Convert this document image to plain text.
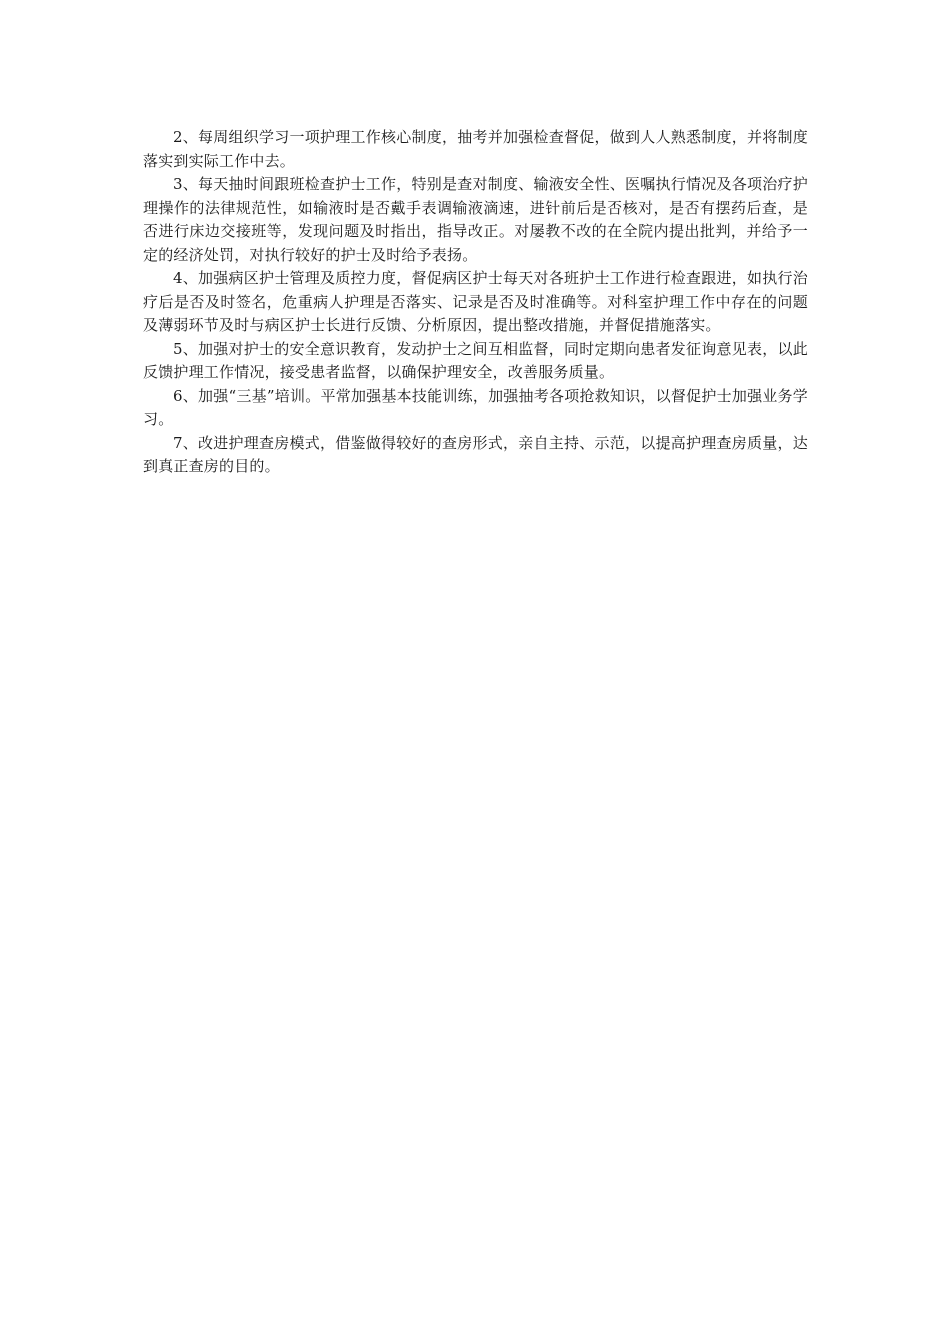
2、每周组织学习一项护理工作核心制度，抽考并加强检查督促，做到人人熟悉制度，并将制度落实到实际工作中去。

3、每天抽时间跟班检查护士工作，特别是查对制度、输液安全性、医嘱执行情况及各项治疗护理操作的法律规范性，如输液时是否戴手表调输液滴速，进针前后是否核对，是否有摆药后查，是否进行床边交接班等，发现问题及时指出，指导改正。对屡教不改的在全院内提出批判，并给予一定的经济处罚，对执行较好的护士及时给予表扬。

4、加强病区护士管理及质控力度，督促病区护士每天对各班护士工作进行检查跟进，如执行治疗后是否及时签名，危重病人护理是否落实、记录是否及时准确等。对科室护理工作中存在的问题及薄弱环节及时与病区护士长进行反馈、分析原因，提出整改措施，并督促措施落实。

5、加强对护士的安全意识教育，发动护士之间互相监督，同时定期向患者发征询意见表，以此反馈护理工作情况，接受患者监督，以确保护理安全，改善服务质量。

6、加强“三基”培训。平常加强基本技能训练，加强抽考各项抢救知识，以督促护士加强业务学习。

7、改进护理查房模式，借鉴做得较好的查房形式，亲自主持、示范，以提高护理查房质量，达到真正查房的目的。
